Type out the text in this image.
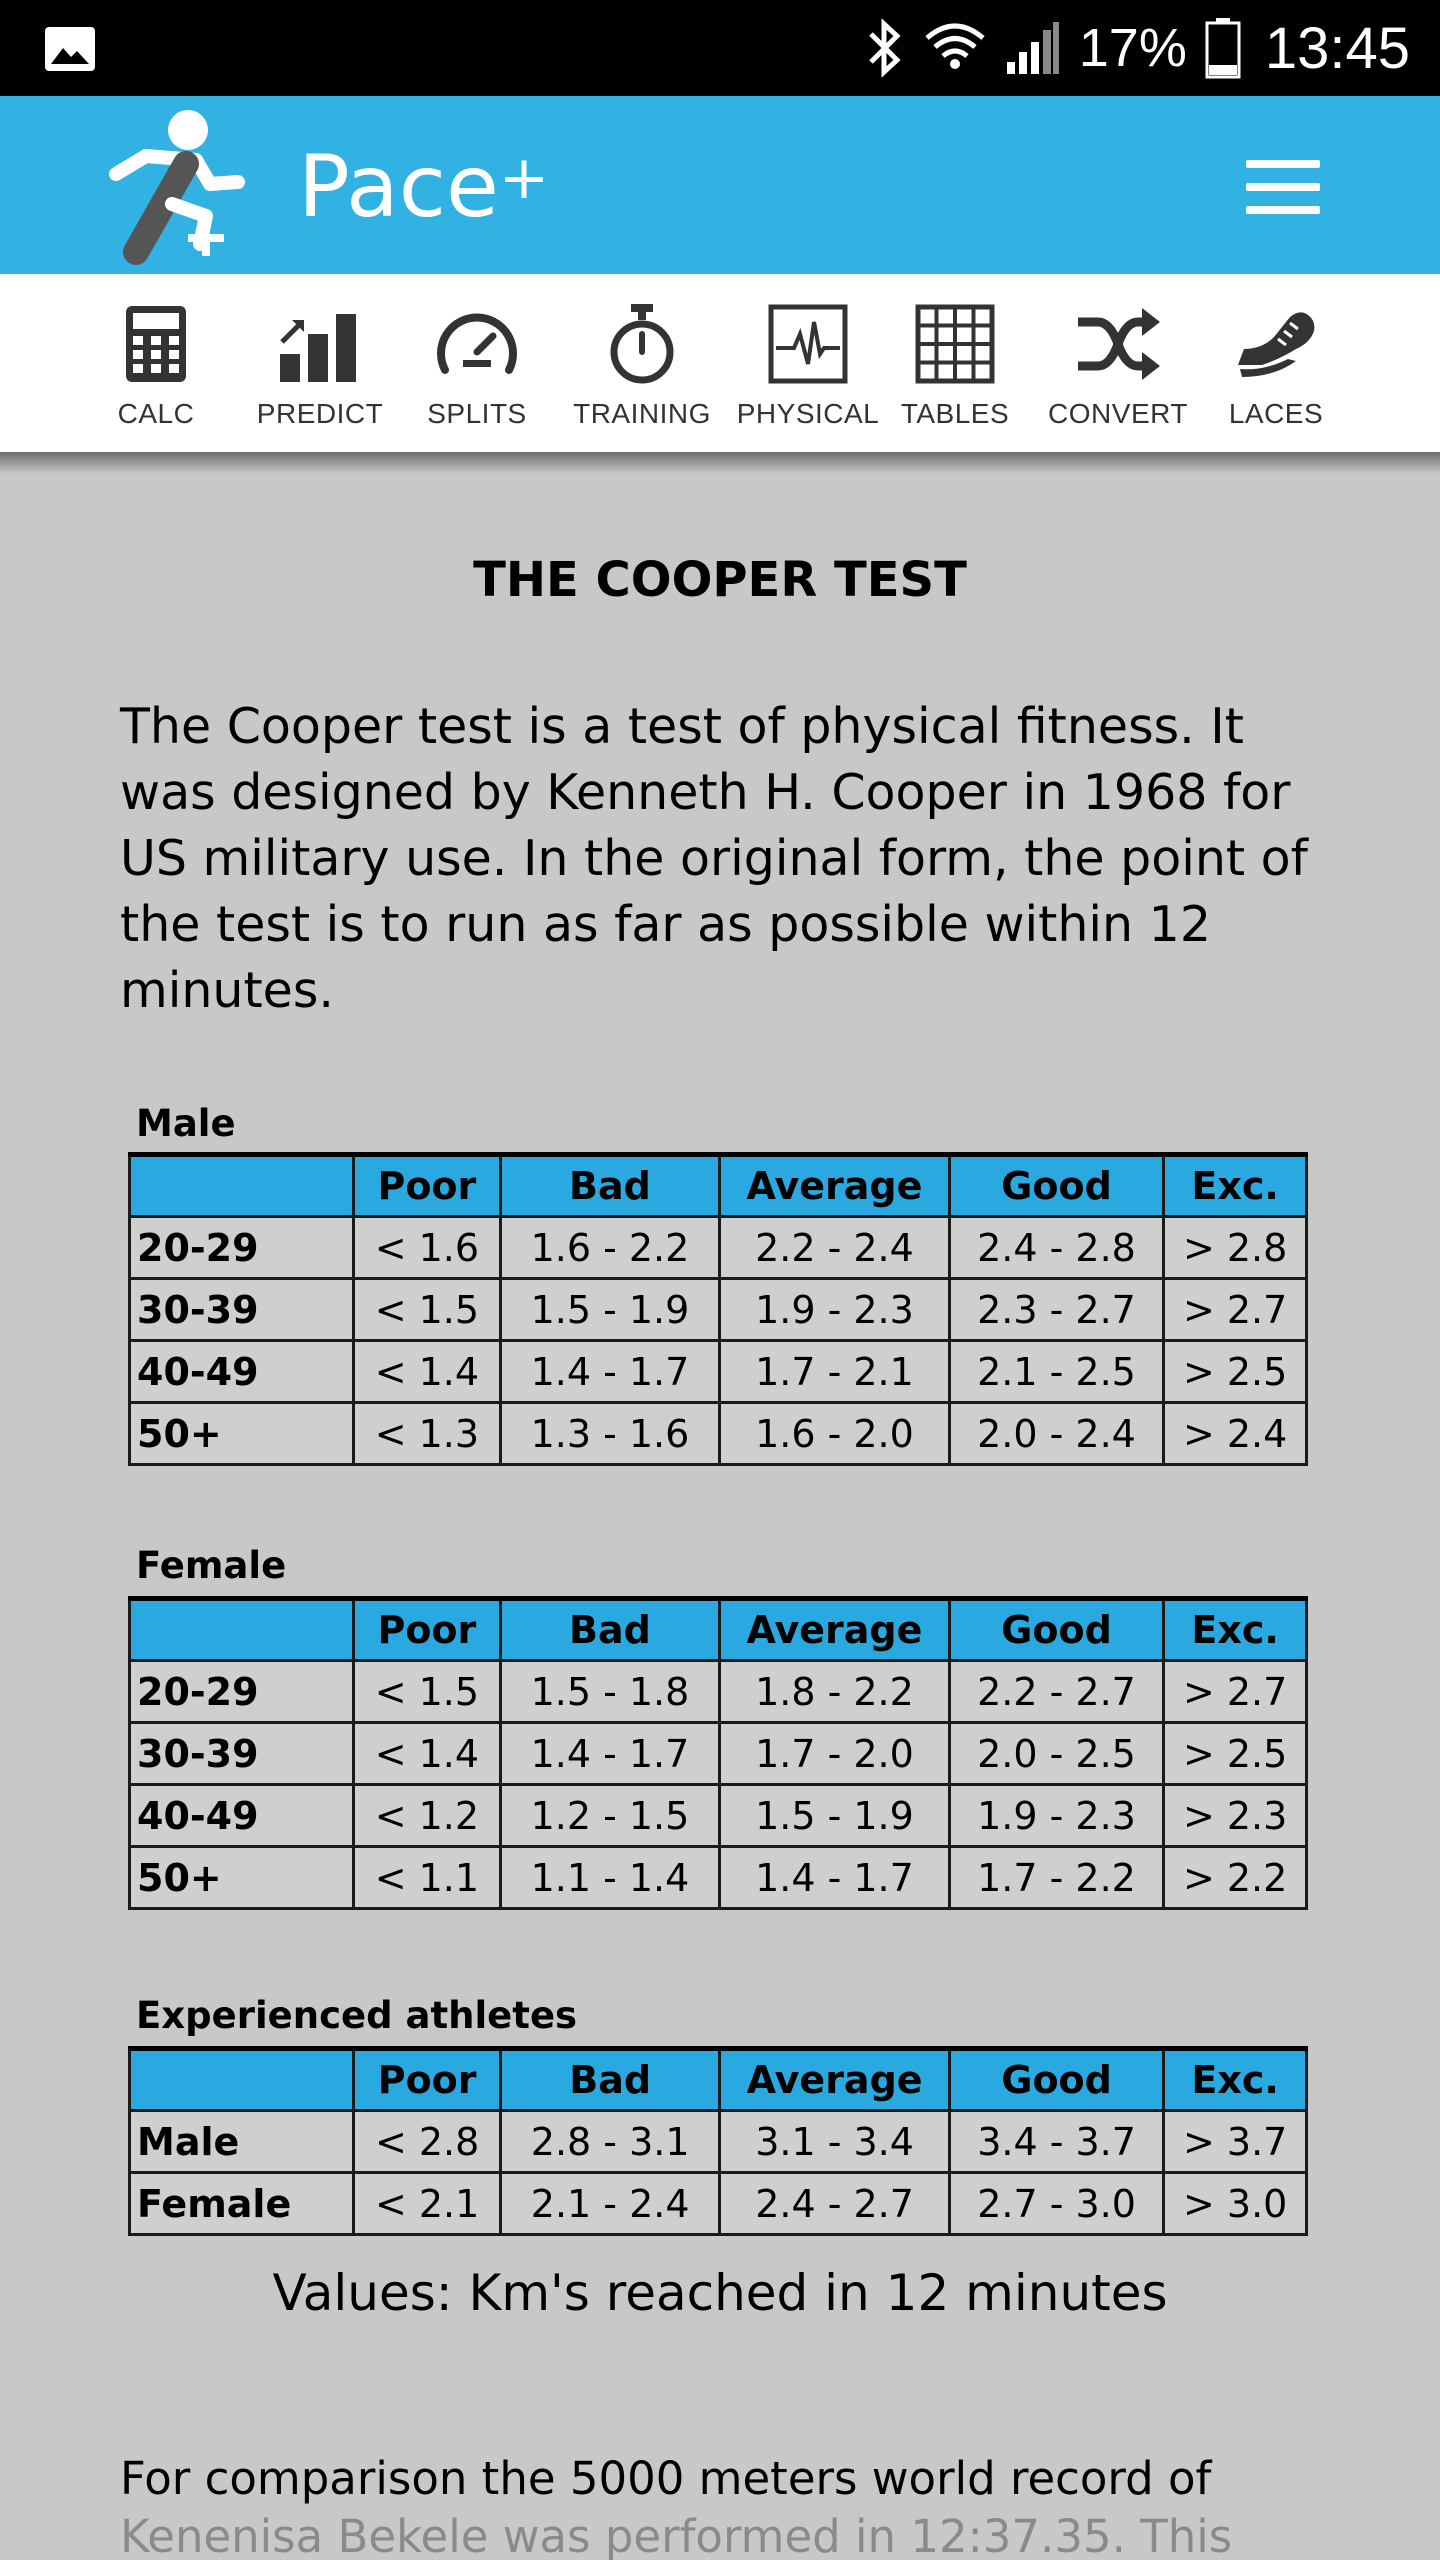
17% 13:45
Pace+
CALC PREDICT SPLITS TRAINING PHYSICAL TABLES CONVERT LACES
THE COOPER TEST

The Cooper test is a test of physical fitness. It was designed by Kenneth H. Cooper in 1968 for US military use. In the original form, the point of the test is to run as far as possible within 12 minutes.

Male
	Poor	Bad	Average	Good	Exc.
20-29	< 1.6	1.6 - 2.2	2.2 - 2.4	2.4 - 2.8	> 2.8
30-39	< 1.5	1.5 - 1.9	1.9 - 2.3	2.3 - 2.7	> 2.7
40-49	< 1.4	1.4 - 1.7	1.7 - 2.1	2.1 - 2.5	> 2.5
50+	< 1.3	1.3 - 1.6	1.6 - 2.0	2.0 - 2.4	> 2.4
Female
	Poor	Bad	Average	Good	Exc.
20-29	< 1.5	1.5 - 1.8	1.8 - 2.2	2.2 - 2.7	> 2.7
30-39	< 1.4	1.4 - 1.7	1.7 - 2.0	2.0 - 2.5	> 2.5
40-49	< 1.2	1.2 - 1.5	1.5 - 1.9	1.9 - 2.3	> 2.3
50+	< 1.1	1.1 - 1.4	1.4 - 1.7	1.7 - 2.2	> 2.2
Experienced athletes
	Poor	Bad	Average	Good	Exc.
Male	< 2.8	2.8 - 3.1	3.1 - 3.4	3.4 - 3.7	> 3.7
Female	< 2.1	2.1 - 2.4	2.4 - 2.7	2.7 - 3.0	> 3.0
Values: Km's reached in 12 minutes
For comparison the 5000 meters world record of
Kenenisa Bekele was performed in 12:37.35. This
